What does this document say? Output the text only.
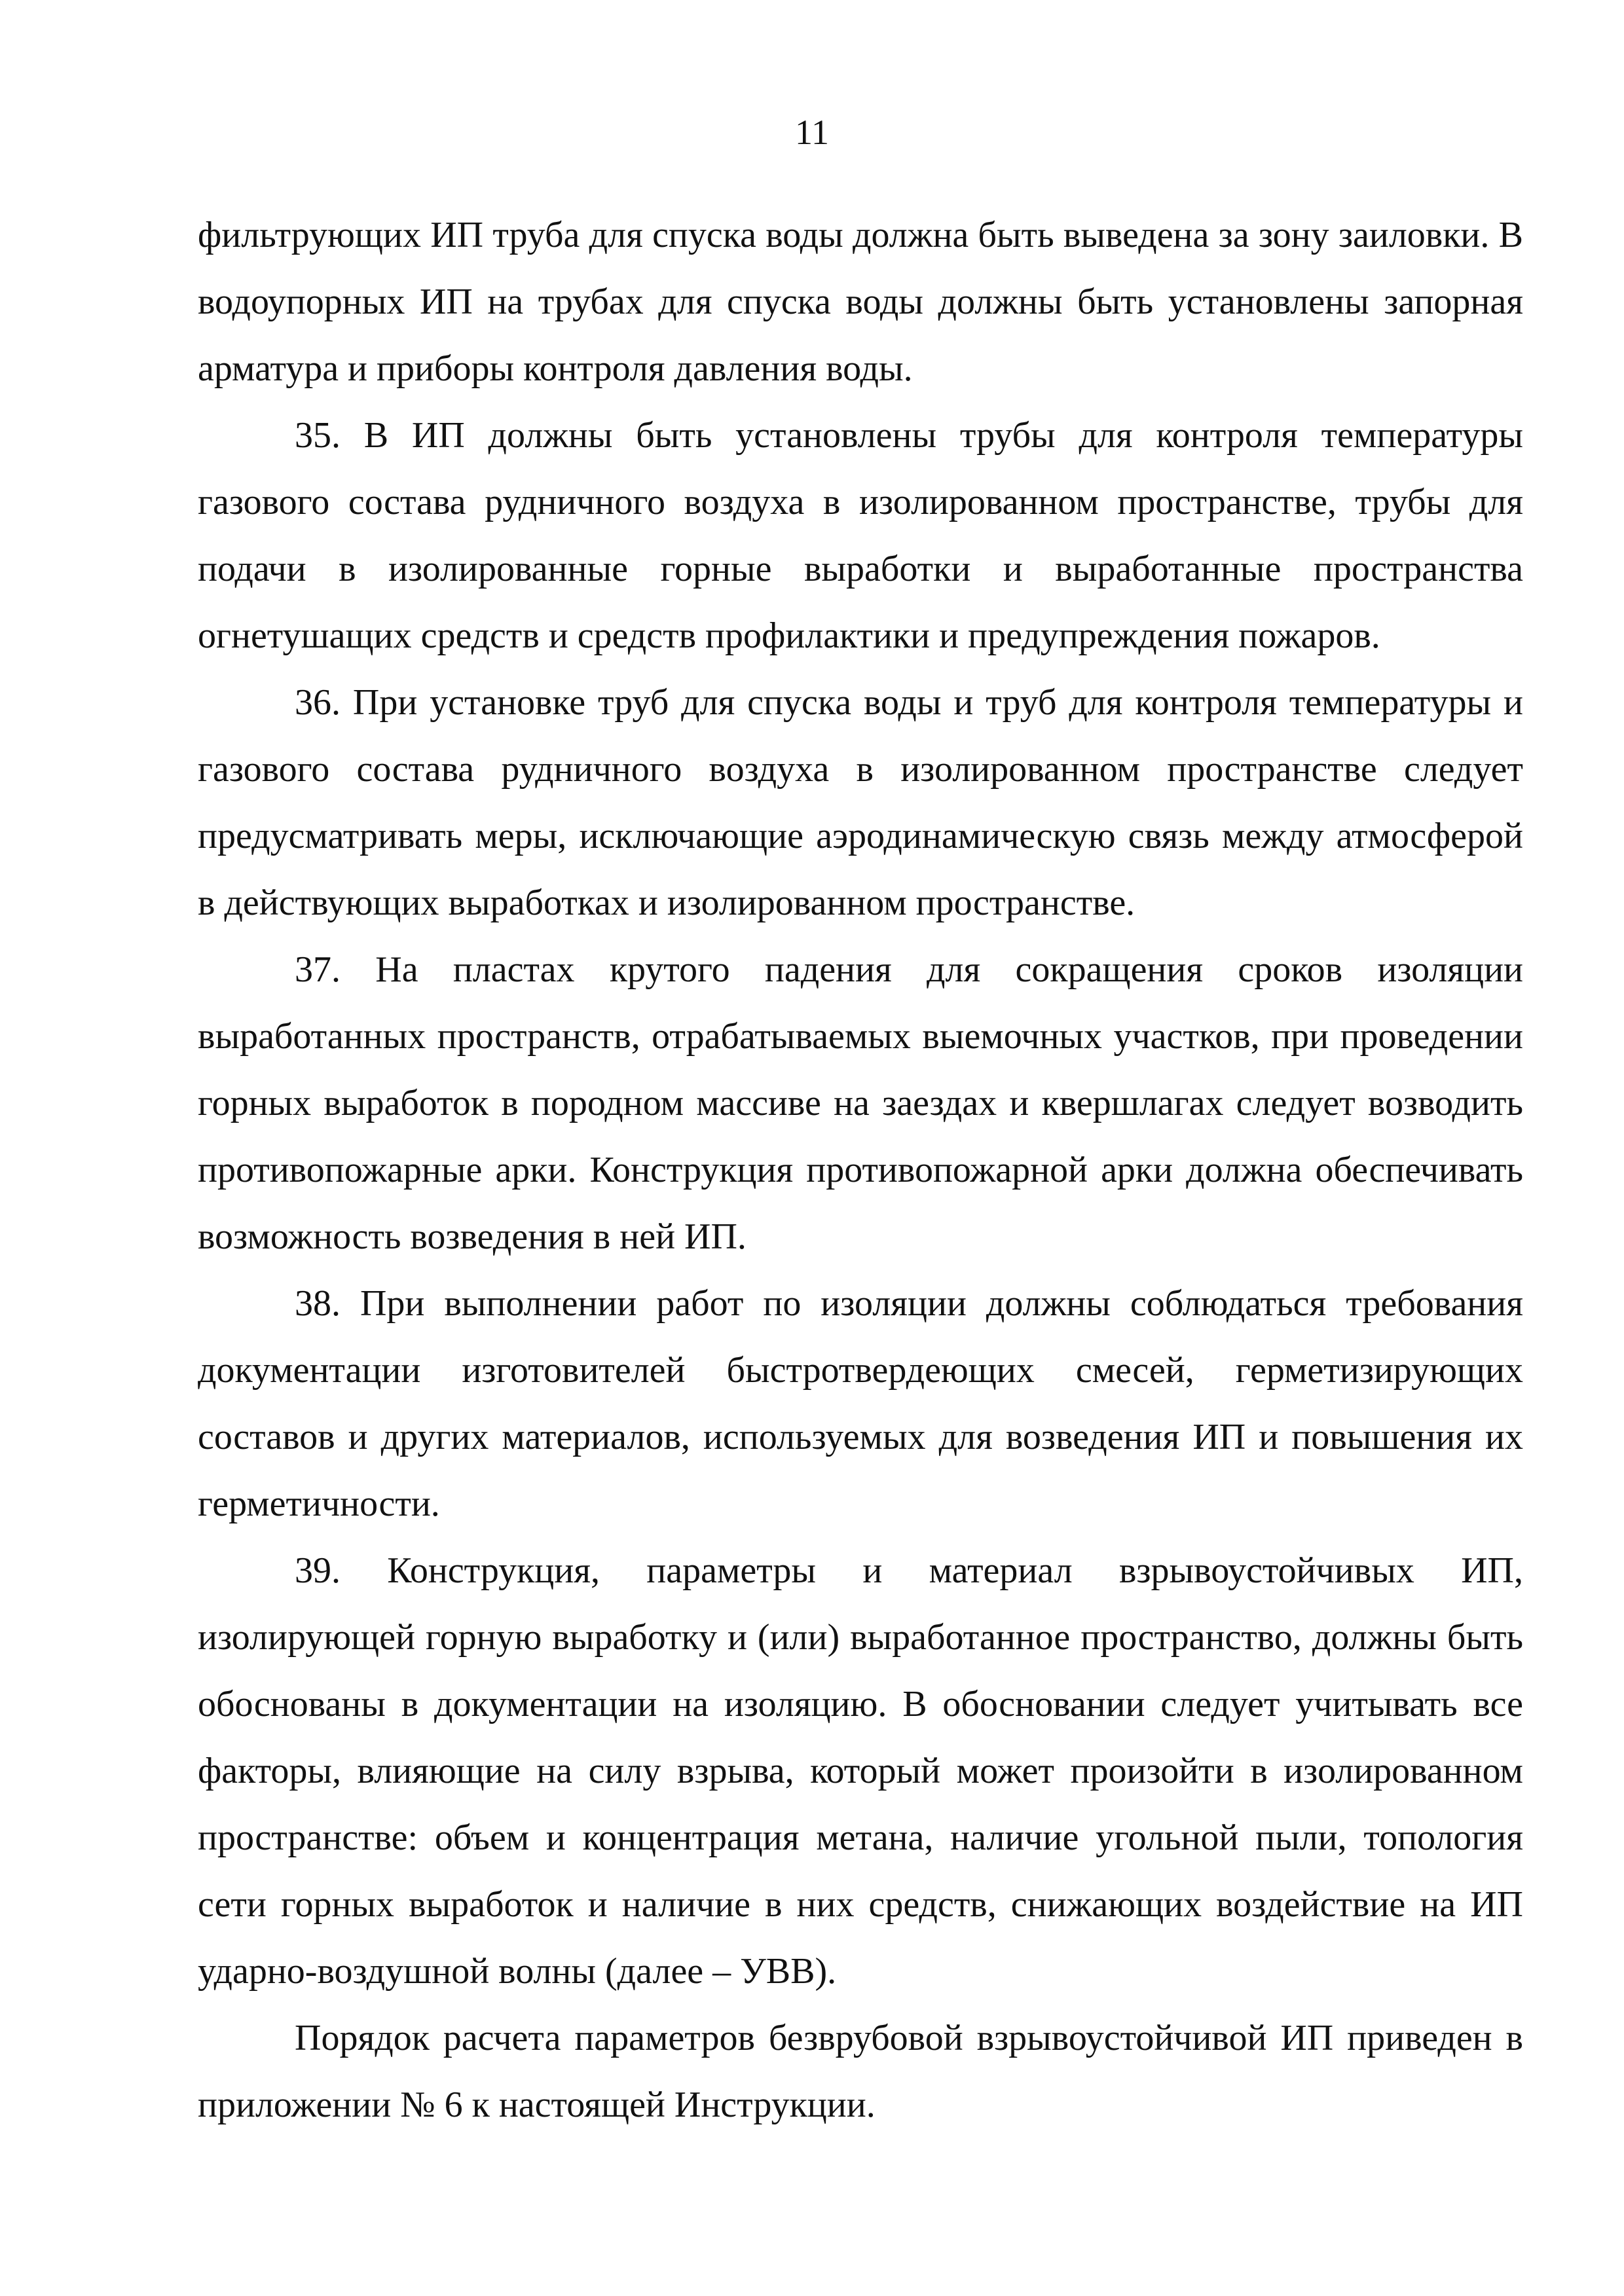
11

фильтрующих ИП труба для спуска воды должна быть выведена за зону заиловки. В водоупорных ИП на трубах для спуска воды должны быть установлены запорная арматура и приборы контроля давления воды.

35. В ИП должны быть установлены трубы для контроля температуры газового состава рудничного воздуха в изолированном пространстве, трубы для подачи в изолированные горные выработки и выработанные пространства огнетушащих средств и средств профилактики и предупреждения пожаров.

36. При установке труб для спуска воды и труб для контроля температуры и газового состава рудничного воздуха в изолированном пространстве следует предусматривать меры, исключающие аэродинамическую связь между атмосферой в действующих выработках и изолированном пространстве.

37. На пластах крутого падения для сокращения сроков изоляции выработанных пространств, отрабатываемых выемочных участков, при проведении горных выработок в породном массиве на заездах и квершлагах следует возводить противопожарные арки. Конструкция противопожарной арки должна обеспечивать возможность возведения в ней ИП.

38. При выполнении работ по изоляции должны соблюдаться требования документации изготовителей быстротвердеющих смесей, герметизирующих составов и других материалов, используемых для возведения ИП и повышения их герметичности.

39. Конструкция, параметры и материал взрывоустойчивых ИП, изолирующей горную выработку и (или) выработанное пространство, должны быть обоснованы в документации на изоляцию. В обосновании следует учитывать все факторы, влияющие на силу взрыва, который может произойти в изолированном пространстве: объем и концентрация метана, наличие угольной пыли, топология сети горных выработок и наличие в них средств, снижающих воздействие на ИП ударно-воздушной волны (далее – УВВ).

Порядок расчета параметров безврубовой взрывоустойчивой ИП приведен в приложении № 6 к настоящей Инструкции.
